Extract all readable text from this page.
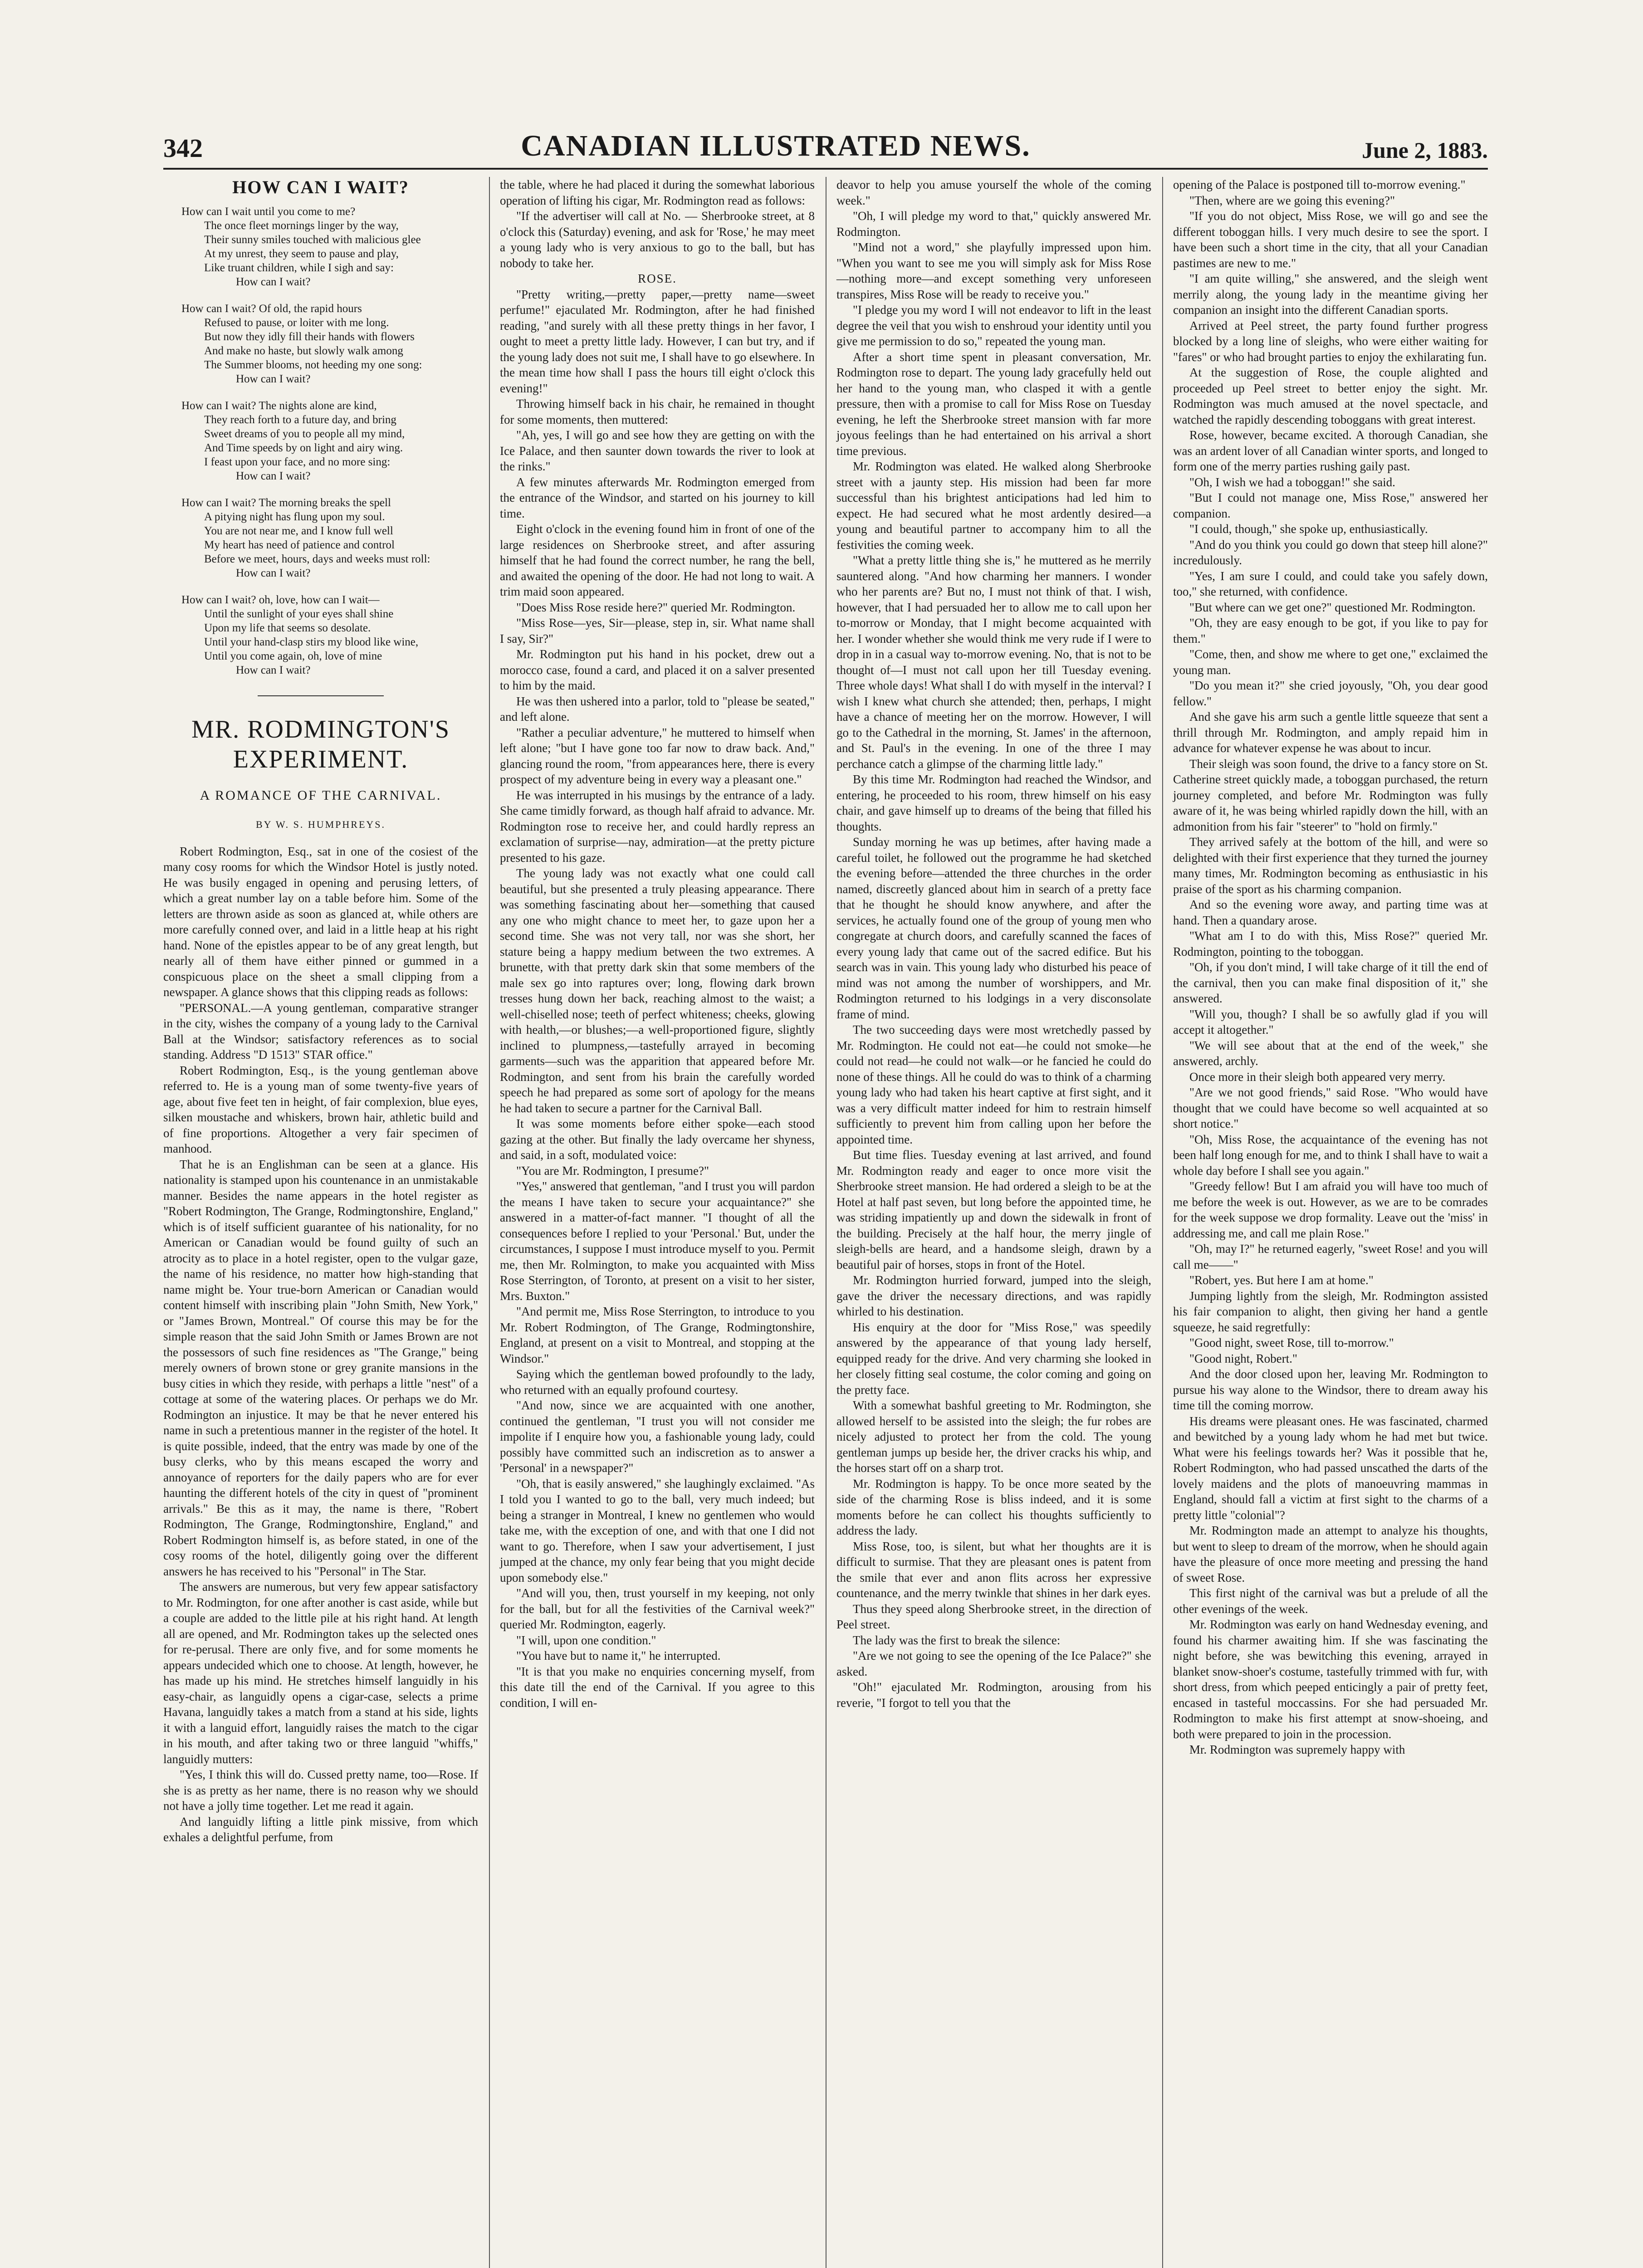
342	CANADIAN ILLUSTRATED NEWS.	June 2, 1883.
HOW CAN I WAIT?
How can I wait until you come to me?
The once fleet mornings linger by the way,
Their sunny smiles touched with malicious glee
At my unrest, they seem to pause and play,
Like truant children, while I sigh and say:
How can I wait?
How can I wait? Of old, the rapid hours
Refused to pause, or loiter with me long.
But now they idly fill their hands with flowers
And make no haste, but slowly walk among
The Summer blooms, not heeding my one song:
How can I wait?
How can I wait? The nights alone are kind,
They reach forth to a future day, and bring
Sweet dreams of you to people all my mind,
And Time speeds by on light and airy wing.
I feast upon your face, and no more sing:
How can I wait?
How can I wait? The morning breaks the spell
A pitying night has flung upon my soul.
You are not near me, and I know full well
My heart has need of patience and control
Before we meet, hours, days and weeks must roll:
How can I wait?
How can I wait? oh, love, how can I wait—
Until the sunlight of your eyes shall shine
Upon my life that seems so desolate.
Until your hand-clasp stirs my blood like wine,
Until you come again, oh, love of mine
How can I wait?
MR. RODMINGTON'S EXPERIMENT.
A ROMANCE OF THE CARNIVAL.
BY W. S. HUMPHREYS.

Robert Rodmington, Esq., sat in one of the cosiest of the many cosy rooms for which the Windsor Hotel is justly noted. He was busily engaged in opening and perusing letters, of which a great number lay on a table before him. Some of the letters are thrown aside as soon as glanced at, while others are more carefully conned over, and laid in a little heap at his right hand. None of the epistles appear to be of any great length, but nearly all of them have either pinned or gummed in a conspicuous place on the sheet a small clipping from a newspaper. A glance shows that this clipping reads as follows:

"PERSONAL.—A young gentleman, comparative stranger in the city, wishes the company of a young lady to the Carnival Ball at the Windsor; satisfactory references as to social standing. Address "D 1513" STAR office."

Robert Rodmington, Esq., is the young gentleman above referred to. He is a young man of some twenty-five years of age, about five feet ten in height, of fair complexion, blue eyes, silken moustache and whiskers, brown hair, athletic build and of fine proportions. Altogether a very fair specimen of manhood.

That he is an Englishman can be seen at a glance. His nationality is stamped upon his countenance in an unmistakable manner. Besides the name appears in the hotel register as "Robert Rodmington, The Grange, Rodmingtonshire, England," which is of itself sufficient guarantee of his nationality, for no American or Canadian would be found guilty of such an atrocity as to place in a hotel register, open to the vulgar gaze, the name of his residence, no matter how high-standing that name might be. Your true-born American or Canadian would content himself with inscribing plain "John Smith, New York," or "James Brown, Montreal." Of course this may be for the simple reason that the said John Smith or James Brown are not the possessors of such fine residences as "The Grange," being merely owners of brown stone or grey granite mansions in the busy cities in which they reside, with perhaps a little "nest" of a cottage at some of the watering places. Or perhaps we do Mr. Rodmington an injustice. It may be that he never entered his name in such a pretentious manner in the register of the hotel. It is quite possible, indeed, that the entry was made by one of the busy clerks, who by this means escaped the worry and annoyance of reporters for the daily papers who are for ever haunting the different hotels of the city in quest of "prominent arrivals." Be this as it may, the name is there, "Robert Rodmington, The Grange, Rodmingtonshire, England," and Robert Rodmington himself is, as before stated, in one of the cosy rooms of the hotel, diligently going over the different answers he has received to his "Personal" in The Star.

The answers are numerous, but very few appear satisfactory to Mr. Rodmington, for one after another is cast aside, while but a couple are added to the little pile at his right hand. At length all are opened, and Mr. Rodmington takes up the selected ones for re-perusal. There are only five, and for some moments he appears undecided which one to choose. At length, however, he has made up his mind. He stretches himself languidly in his easy-chair, as languidly opens a cigar-case, selects a prime Havana, languidly takes a match from a stand at his side, lights it with a languid effort, languidly raises the match to the cigar in his mouth, and after taking two or three languid "whiffs," languidly mutters:

"Yes, I think this will do. Cussed pretty name, too—Rose. If she is as pretty as her name, there is no reason why we should not have a jolly time together. Let me read it again.

And languidly lifting a little pink missive, from which exhales a delightful perfume, from

the table, where he had placed it during the somewhat laborious operation of lifting his cigar, Mr. Rodmington read as follows:

"If the advertiser will call at No. — Sherbrooke street, at 8 o'clock this (Saturday) evening, and ask for 'Rose,' he may meet a young lady who is very anxious to go to the ball, but has nobody to take her.

ROSE.

"Pretty writing,—pretty paper,—pretty name—sweet perfume!" ejaculated Mr. Rodmington, after he had finished reading, "and surely with all these pretty things in her favor, I ought to meet a pretty little lady. However, I can but try, and if the young lady does not suit me, I shall have to go elsewhere. In the mean time how shall I pass the hours till eight o'clock this evening!"

Throwing himself back in his chair, he remained in thought for some moments, then muttered:

"Ah, yes, I will go and see how they are getting on with the Ice Palace, and then saunter down towards the river to look at the rinks."

A few minutes afterwards Mr. Rodmington emerged from the entrance of the Windsor, and started on his journey to kill time.

Eight o'clock in the evening found him in front of one of the large residences on Sherbrooke street, and after assuring himself that he had found the correct number, he rang the bell, and awaited the opening of the door. He had not long to wait. A trim maid soon appeared.

"Does Miss Rose reside here?" queried Mr. Rodmington.

"Miss Rose—yes, Sir—please, step in, sir. What name shall I say, Sir?"

Mr. Rodmington put his hand in his pocket, drew out a morocco case, found a card, and placed it on a salver presented to him by the maid.

He was then ushered into a parlor, told to "please be seated," and left alone.

"Rather a peculiar adventure," he muttered to himself when left alone; "but I have gone too far now to draw back. And," glancing round the room, "from appearances here, there is every prospect of my adventure being in every way a pleasant one."

He was interrupted in his musings by the entrance of a lady. She came timidly forward, as though half afraid to advance. Mr. Rodmington rose to receive her, and could hardly repress an exclamation of surprise—nay, admiration—at the pretty picture presented to his gaze.

The young lady was not exactly what one could call beautiful, but she presented a truly pleasing appearance. There was something fascinating about her—something that caused any one who might chance to meet her, to gaze upon her a second time. She was not very tall, nor was she short, her stature being a happy medium between the two extremes. A brunette, with that pretty dark skin that some members of the male sex go into raptures over; long, flowing dark brown tresses hung down her back, reaching almost to the waist; a well-chiselled nose; teeth of perfect whiteness; cheeks, glowing with health,—or blushes;—a well-proportioned figure, slightly inclined to plumpness,—tastefully arrayed in becoming garments—such was the apparition that appeared before Mr. Rodmington, and sent from his brain the carefully worded speech he had prepared as some sort of apology for the means he had taken to secure a partner for the Carnival Ball.

It was some moments before either spoke—each stood gazing at the other. But finally the lady overcame her shyness, and said, in a soft, modulated voice:

"You are Mr. Rodmington, I presume?"

"Yes," answered that gentleman, "and I trust you will pardon the means I have taken to secure your acquaintance?" she answered in a matter-of-fact manner. "I thought of all the consequences before I replied to your 'Personal.' But, under the circumstances, I suppose I must introduce myself to you. Permit me, then Mr. Rolmington, to make you acquainted with Miss Rose Sterrington, of Toronto, at present on a visit to her sister, Mrs. Buxton."

"And permit me, Miss Rose Sterrington, to introduce to you Mr. Robert Rodmington, of The Grange, Rodmingtonshire, England, at present on a visit to Montreal, and stopping at the Windsor."

Saying which the gentleman bowed profoundly to the lady, who returned with an equally profound courtesy.

"And now, since we are acquainted with one another, continued the gentleman, "I trust you will not consider me impolite if I enquire how you, a fashionable young lady, could possibly have committed such an indiscretion as to answer a 'Personal' in a newspaper?"

"Oh, that is easily answered," she laughingly exclaimed. "As I told you I wanted to go to the ball, very much indeed; but being a stranger in Montreal, I knew no gentlemen who would take me, with the exception of one, and with that one I did not want to go. Therefore, when I saw your advertisement, I just jumped at the chance, my only fear being that you might decide upon somebody else."

"And will you, then, trust yourself in my keeping, not only for the ball, but for all the festivities of the Carnival week?" queried Mr. Rodmington, eagerly.

"I will, upon one condition."

"You have but to name it," he interrupted.

"It is that you make no enquiries concerning myself, from this date till the end of the Carnival. If you agree to this condition, I will en-

deavor to help you amuse yourself the whole of the coming week."

"Oh, I will pledge my word to that," quickly answered Mr. Rodmington.

"Mind not a word," she playfully impressed upon him. "When you want to see me you will simply ask for Miss Rose—nothing more—and except something very unforeseen transpires, Miss Rose will be ready to receive you."

"I pledge you my word I will not endeavor to lift in the least degree the veil that you wish to enshroud your identity until you give me permission to do so," repeated the young man.

After a short time spent in pleasant conversation, Mr. Rodmington rose to depart. The young lady gracefully held out her hand to the young man, who clasped it with a gentle pressure, then with a promise to call for Miss Rose on Tuesday evening, he left the Sherbrooke street mansion with far more joyous feelings than he had entertained on his arrival a short time previous.

Mr. Rodmington was elated. He walked along Sherbrooke street with a jaunty step. His mission had been far more successful than his brightest anticipations had led him to expect. He had secured what he most ardently desired—a young and beautiful partner to accompany him to all the festivities the coming week.

"What a pretty little thing she is," he muttered as he merrily sauntered along. "And how charming her manners. I wonder who her parents are? But no, I must not think of that. I wish, however, that I had persuaded her to allow me to call upon her to-morrow or Monday, that I might become acquainted with her. I wonder whether she would think me very rude if I were to drop in in a casual way to-morrow evening. No, that is not to be thought of—I must not call upon her till Tuesday evening. Three whole days! What shall I do with myself in the interval? I wish I knew what church she attended; then, perhaps, I might have a chance of meeting her on the morrow. However, I will go to the Cathedral in the morning, St. James' in the afternoon, and St. Paul's in the evening. In one of the three I may perchance catch a glimpse of the charming little lady."

By this time Mr. Rodmington had reached the Windsor, and entering, he proceeded to his room, threw himself on his easy chair, and gave himself up to dreams of the being that filled his thoughts.

Sunday morning he was up betimes, after having made a careful toilet, he followed out the programme he had sketched the evening before—attended the three churches in the order named, discreetly glanced about him in search of a pretty face that he thought he should know anywhere, and after the services, he actually found one of the group of young men who congregate at church doors, and carefully scanned the faces of every young lady that came out of the sacred edifice. But his search was in vain. This young lady who disturbed his peace of mind was not among the number of worshippers, and Mr. Rodmington returned to his lodgings in a very disconsolate frame of mind.

The two succeeding days were most wretchedly passed by Mr. Rodmington. He could not eat—he could not smoke—he could not read—he could not walk—or he fancied he could do none of these things. All he could do was to think of a charming young lady who had taken his heart captive at first sight, and it was a very difficult matter indeed for him to restrain himself sufficiently to prevent him from calling upon her before the appointed time.

But time flies. Tuesday evening at last arrived, and found Mr. Rodmington ready and eager to once more visit the Sherbrooke street mansion. He had ordered a sleigh to be at the Hotel at half past seven, but long before the appointed time, he was striding impatiently up and down the sidewalk in front of the building. Precisely at the half hour, the merry jingle of sleigh-bells are heard, and a handsome sleigh, drawn by a beautiful pair of horses, stops in front of the Hotel.

Mr. Rodmington hurried forward, jumped into the sleigh, gave the driver the necessary directions, and was rapidly whirled to his destination.

His enquiry at the door for "Miss Rose," was speedily answered by the appearance of that young lady herself, equipped ready for the drive. And very charming she looked in her closely fitting seal costume, the color coming and going on the pretty face.

With a somewhat bashful greeting to Mr. Rodmington, she allowed herself to be assisted into the sleigh; the fur robes are nicely adjusted to protect her from the cold. The young gentleman jumps up beside her, the driver cracks his whip, and the horses start off on a sharp trot.

Mr. Rodmington is happy. To be once more seated by the side of the charming Rose is bliss indeed, and it is some moments before he can collect his thoughts sufficiently to address the lady.

Miss Rose, too, is silent, but what her thoughts are it is difficult to surmise. That they are pleasant ones is patent from the smile that ever and anon flits across her expressive countenance, and the merry twinkle that shines in her dark eyes.

Thus they speed along Sherbrooke street, in the direction of Peel street.

The lady was the first to break the silence:

"Are we not going to see the opening of the Ice Palace?" she asked.

"Oh!" ejaculated Mr. Rodmington, arousing from his reverie, "I forgot to tell you that the

opening of the Palace is postponed till to-morrow evening."

"Then, where are we going this evening?"

"If you do not object, Miss Rose, we will go and see the different toboggan hills. I very much desire to see the sport. I have been such a short time in the city, that all your Canadian pastimes are new to me."

"I am quite willing," she answered, and the sleigh went merrily along, the young lady in the meantime giving her companion an insight into the different Canadian sports.

Arrived at Peel street, the party found further progress blocked by a long line of sleighs, who were either waiting for "fares" or who had brought parties to enjoy the exhilarating fun.

At the suggestion of Rose, the couple alighted and proceeded up Peel street to better enjoy the sight. Mr. Rodmington was much amused at the novel spectacle, and watched the rapidly descending toboggans with great interest.

Rose, however, became excited. A thorough Canadian, she was an ardent lover of all Canadian winter sports, and longed to form one of the merry parties rushing gaily past.

"Oh, I wish we had a toboggan!" she said.

"But I could not manage one, Miss Rose," answered her companion.

"I could, though," she spoke up, enthusiastically.

"And do you think you could go down that steep hill alone?" incredulously.

"Yes, I am sure I could, and could take you safely down, too," she returned, with confidence.

"But where can we get one?" questioned Mr. Rodmington.

"Oh, they are easy enough to be got, if you like to pay for them."

"Come, then, and show me where to get one," exclaimed the young man.

"Do you mean it?" she cried joyously, "Oh, you dear good fellow."

And she gave his arm such a gentle little squeeze that sent a thrill through Mr. Rodmington, and amply repaid him in advance for whatever expense he was about to incur.

Their sleigh was soon found, the drive to a fancy store on St. Catherine street quickly made, a toboggan purchased, the return journey completed, and before Mr. Rodmington was fully aware of it, he was being whirled rapidly down the hill, with an admonition from his fair "steerer" to "hold on firmly."

They arrived safely at the bottom of the hill, and were so delighted with their first experience that they turned the journey many times, Mr. Rodmington becoming as enthusiastic in his praise of the sport as his charming companion.

And so the evening wore away, and parting time was at hand. Then a quandary arose.

"What am I to do with this, Miss Rose?" queried Mr. Rodmington, pointing to the toboggan.

"Oh, if you don't mind, I will take charge of it till the end of the carnival, then you can make final disposition of it," she answered.

"Will you, though? I shall be so awfully glad if you will accept it altogether."

"We will see about that at the end of the week," she answered, archly.

Once more in their sleigh both appeared very merry.

"Are we not good friends," said Rose. "Who would have thought that we could have become so well acquainted at so short notice."

"Oh, Miss Rose, the acquaintance of the evening has not been half long enough for me, and to think I shall have to wait a whole day before I shall see you again."

"Greedy fellow! But I am afraid you will have too much of me before the week is out. However, as we are to be comrades for the week suppose we drop formality. Leave out the 'miss' in addressing me, and call me plain Rose."

"Oh, may I?" he returned eagerly, "sweet Rose! and you will call me——"

"Robert, yes. But here I am at home."

Jumping lightly from the sleigh, Mr. Rodmington assisted his fair companion to alight, then giving her hand a gentle squeeze, he said regretfully:

"Good night, sweet Rose, till to-morrow."

"Good night, Robert."

And the door closed upon her, leaving Mr. Rodmington to pursue his way alone to the Windsor, there to dream away his time till the coming morrow.

His dreams were pleasant ones. He was fascinated, charmed and bewitched by a young lady whom he had met but twice. What were his feelings towards her? Was it possible that he, Robert Rodmington, who had passed unscathed the darts of the lovely maidens and the plots of manoeuvring mammas in England, should fall a victim at first sight to the charms of a pretty little "colonial"?

Mr. Rodmington made an attempt to analyze his thoughts, but went to sleep to dream of the morrow, when he should again have the pleasure of once more meeting and pressing the hand of sweet Rose.

This first night of the carnival was but a prelude of all the other evenings of the week.

Mr. Rodmington was early on hand Wednesday evening, and found his charmer awaiting him. If she was fascinating the night before, she was bewitching this evening, arrayed in blanket snow-shoer's costume, tastefully trimmed with fur, with short dress, from which peeped enticingly a pair of pretty feet, encased in tasteful moccassins. For she had persuaded Mr. Rodmington to make his first attempt at snow-shoeing, and both were prepared to join in the procession.

Mr. Rodmington was supremely happy with
